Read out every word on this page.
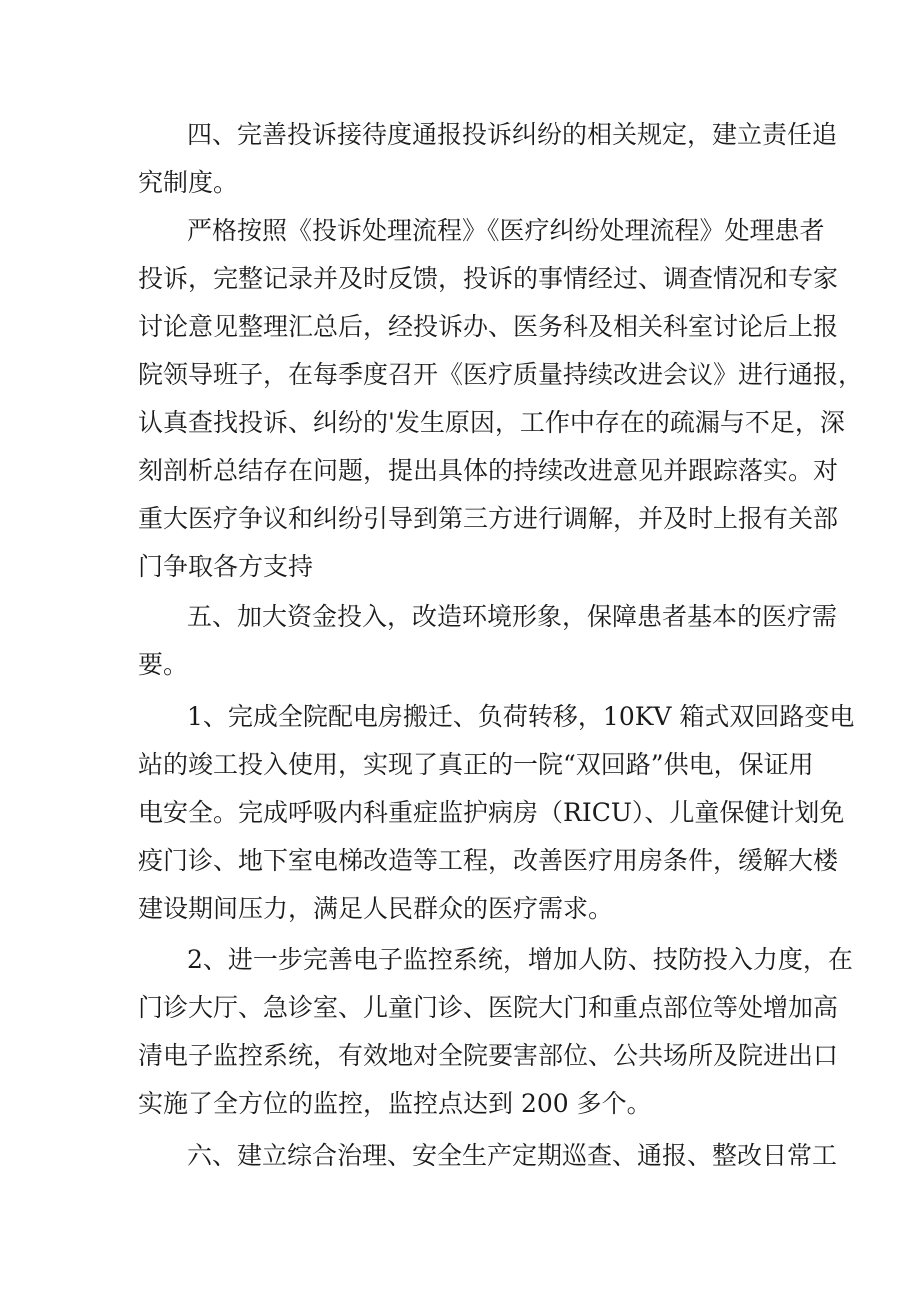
四、完善投诉接待度通报投诉纠纷的相关规定，建立责任追

究制度。

严格按照《投诉处理流程》《医疗纠纷处理流程》处理患者

投诉，完整记录并及时反馈，投诉的事情经过、调查情况和专家

讨论意见整理汇总后，经投诉办、医务科及相关科室讨论后上报

院领导班子，在每季度召开《医疗质量持续改进会议》进行通报，

认真查找投诉、纠纷的'发生原因，工作中存在的疏漏与不足，深

刻剖析总结存在问题，提出具体的持续改进意见并跟踪落实。对

重大医疗争议和纠纷引导到第三方进行调解，并及时上报有关部

门争取各方支持

五、加大资金投入，改造环境形象，保障患者基本的医疗需

要。

1、完成全院配电房搬迁、负荷转移，10KV 箱式双回路变电

站的竣工投入使用，实现了真正的一院“双回路”供电，保证用

电安全。完成呼吸内科重症监护病房（RICU）、儿童保健计划免

疫门诊、地下室电梯改造等工程，改善医疗用房条件，缓解大楼

建设期间压力，满足人民群众的医疗需求。

2、进一步完善电子监控系统，增加人防、技防投入力度，在

门诊大厅、急诊室、儿童门诊、医院大门和重点部位等处增加高

清电子监控系统，有效地对全院要害部位、公共场所及院进出口

实施了全方位的监控，监控点达到 200 多个。

六、建立综合治理、安全生产定期巡查、通报、整改日常工
